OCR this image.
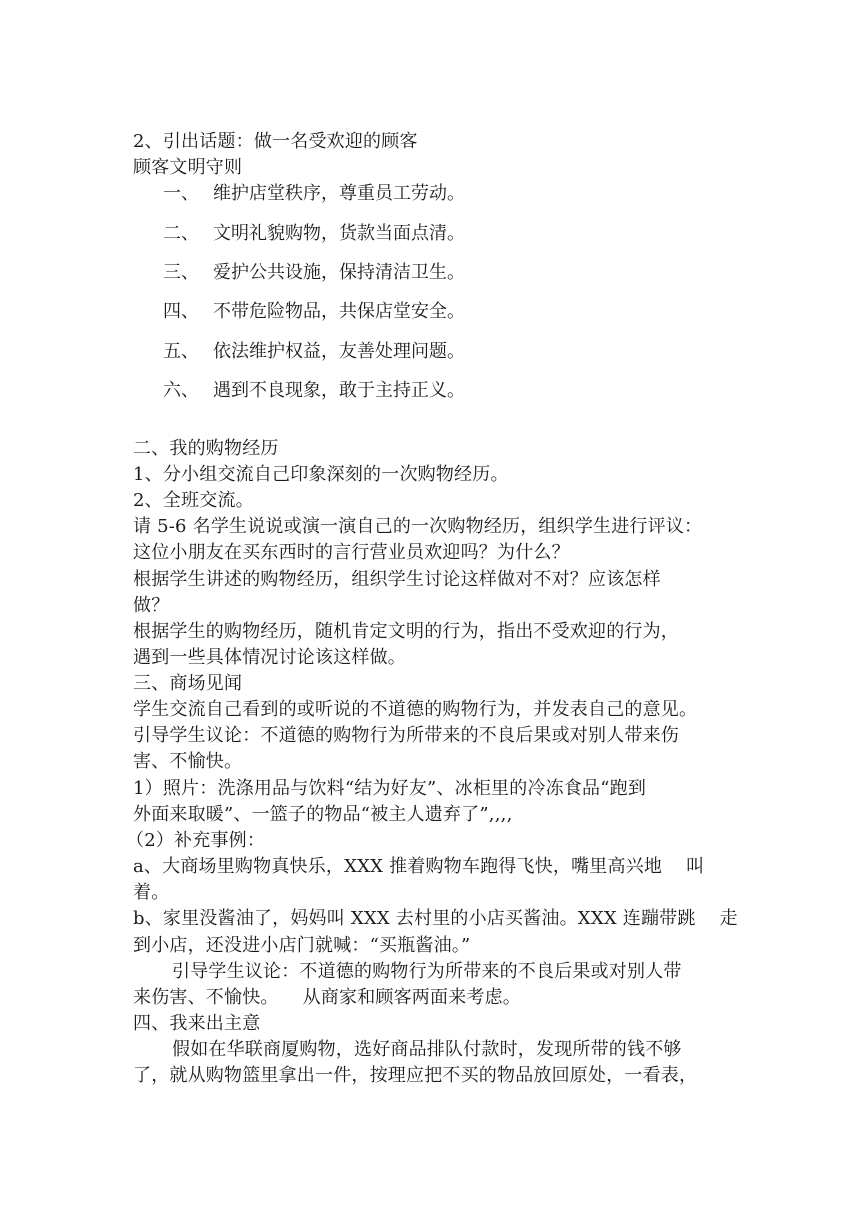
2、引出话题：做一名受欢迎的顾客
顾客文明守则
一、 维护店堂秩序，尊重员工劳动。
二、 文明礼貌购物，货款当面点清。
三、 爱护公共设施，保持清洁卫生。
四、 不带危险物品，共保店堂安全。
五、 依法维护权益，友善处理问题。
六、 遇到不良现象，敢于主持正义。
二、我的购物经历
1、分小组交流自己印象深刻的一次购物经历。
2、全班交流。
请 5-6 名学生说说或演一演自己的一次购物经历，组织学生进行评议：
这位小朋友在买东西时的言行营业员欢迎吗？为什么？
根据学生讲述的购物经历，组织学生讨论这样做对不对？应该怎样
做？
根据学生的购物经历，随机肯定文明的行为，指出不受欢迎的行为，
遇到一些具体情况讨论该这样做。
三、商场见闻
学生交流自己看到的或听说的不道德的购物行为，并发表自己的意见。
引导学生议论：不道德的购物行为所带来的不良后果或对别人带来伤
害、不愉快。
1）照片：洗涤用品与饮料“结为好友”、冰柜里的冷冻食品“跑到
外面来取暖”、一篮子的物品“被主人遗弃了”,,,,
（2）补充事例：
a、大商场里购物真快乐，XXX 推着购物车跑得飞快，嘴里高兴地 叫
着。
b、家里没酱油了，妈妈叫 XXX 去村里的小店买酱油。XXX 连蹦带跳 走
到小店，还没进小店门就喊：“买瓶酱油。”
引导学生议论：不道德的购物行为所带来的不良后果或对别人带
来伤害、不愉快。 从商家和顾客两面来考虑。
四、我来出主意
假如在华联商厦购物，选好商品排队付款时，发现所带的钱不够
了，就从购物篮里拿出一件，按理应把不买的物品放回原处，一看表，
